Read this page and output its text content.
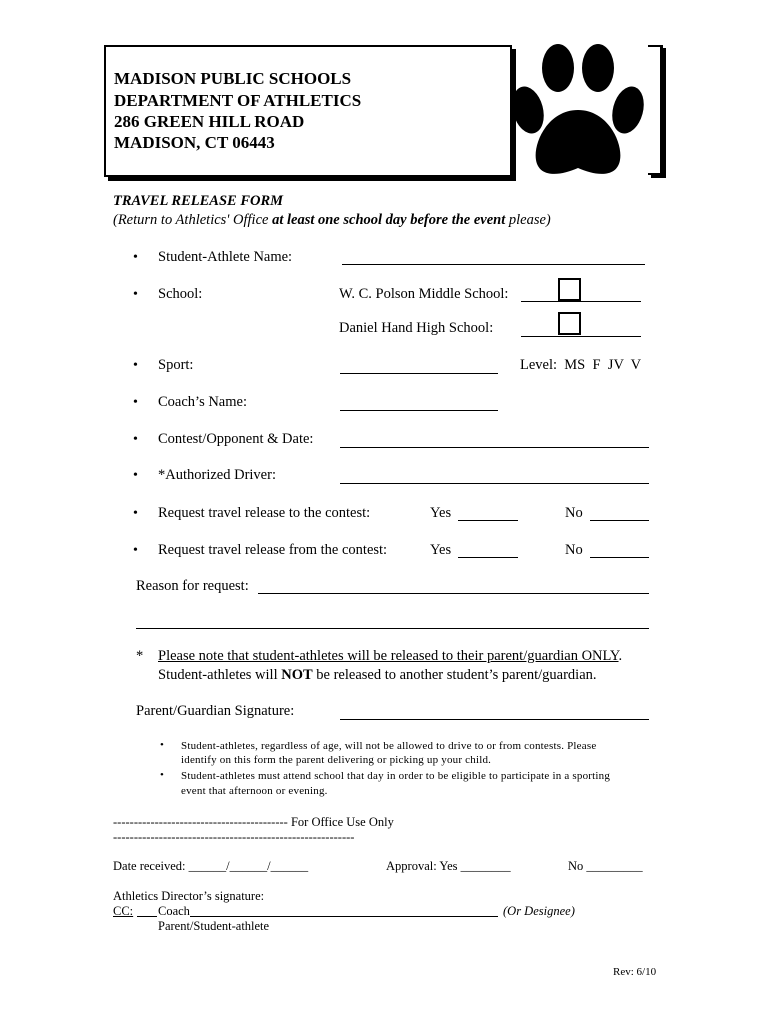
MADISON PUBLIC SCHOOLS
DEPARTMENT OF ATHLETICS
286 GREEN HILL ROAD
MADISON, CT 06443
TRAVEL RELEASE FORM
(Return to Athletics' Office at least one school day before the event please)
• Student-Athlete Name:
• School:	W. C. Polson Middle School:
Daniel Hand High School:
• Sport:	Level:  MS  F  JV  V
• Coach’s Name:
• Contest/Opponent & Date:
• *Authorized Driver:
• Request travel release to the contest:	Yes	No
• Request travel release from the contest:	Yes	No
Reason for request:
* Please note that student-athletes will be released to their parent/guardian ONLY.
Student-athletes will NOT be released to another student’s parent/guardian.
Parent/Guardian Signature:
• Student-athletes, regardless of age, will not be allowed to drive to or from contests. Please
identify on this form the parent delivering or picking up your child.
• Student-athletes must attend school that day in order to be eligible to participate in a sporting
event that afternoon or evening.
------------------------------------------ For Office Use Only
----------------------------------------------------------
Date received: ______/______/______	Approval: Yes ________	No _________
Athletics Director’s signature:
CC: Coach	(Or Designee)
Parent/Student-athlete
Rev: 6/10
